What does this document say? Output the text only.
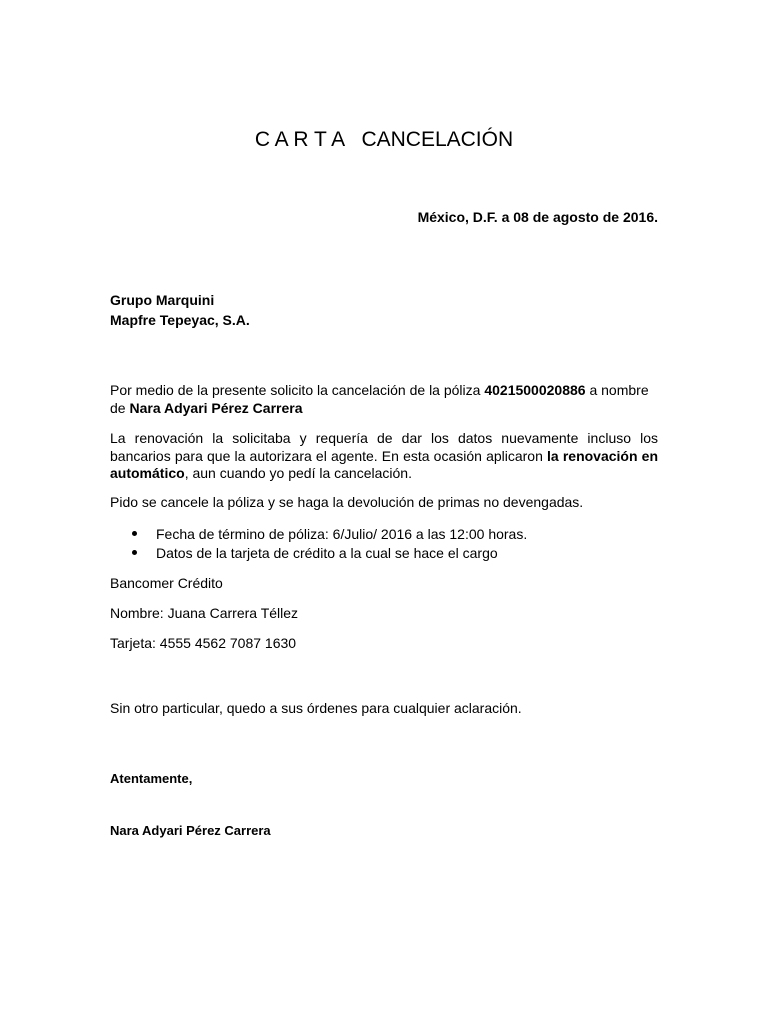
C A R T A   CANCELACIÓN
México, D.F. a 08 de agosto de 2016.
Grupo Marquini
Mapfre Tepeyac, S.A.

Por medio de la presente solicito la cancelación de la póliza 4021500020886 a nombre de Nara Adyari Pérez Carrera

La renovación la solicitaba y requería de dar los datos nuevamente incluso los bancarios para que la autorizara el agente. En esta ocasión aplicaron la renovación en automático, aun cuando yo pedí la cancelación.

Pido se cancele la póliza y se haga la devolución de primas no devengadas.

Fecha de término de póliza: 6/Julio/ 2016 a las 12:00 horas.
Datos de la tarjeta de crédito a la cual se hace el cargo
Bancomer Crédito
Nombre: Juana Carrera Téllez
Tarjeta: 4555 4562 7087 1630
Sin otro particular, quedo a sus órdenes para cualquier aclaración.
Atentamente,
Nara Adyari Pérez Carrera
